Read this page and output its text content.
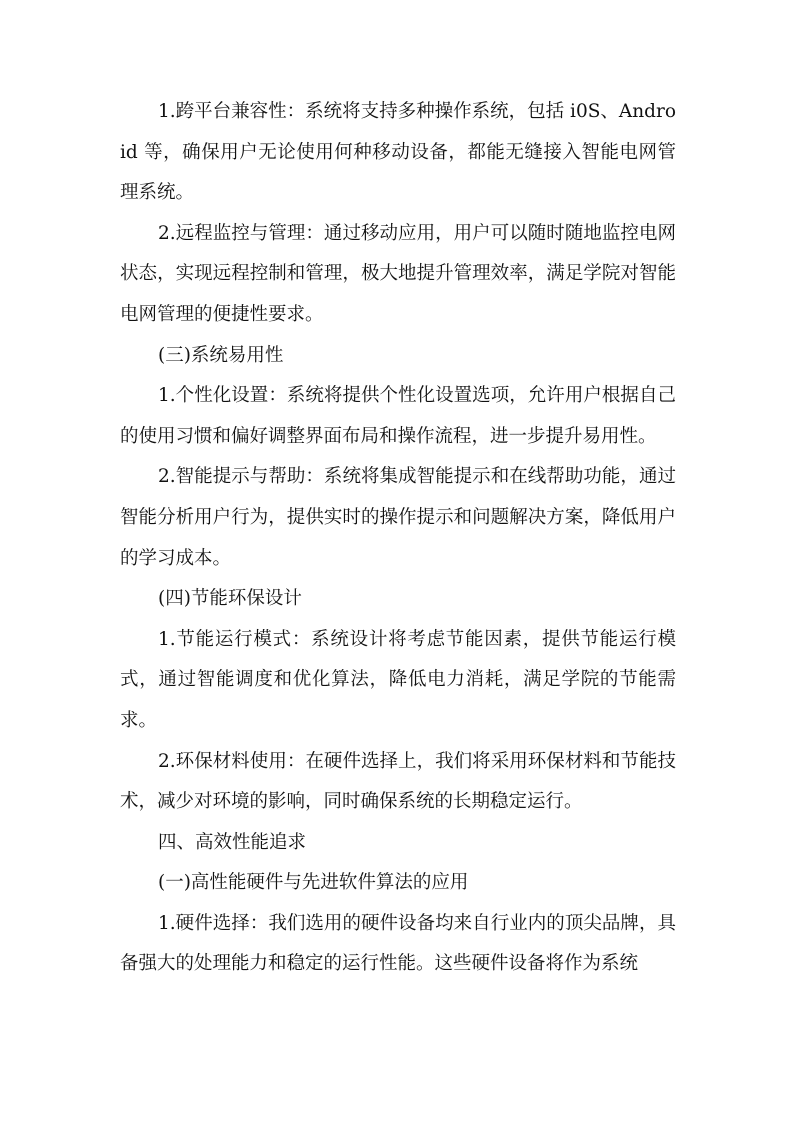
1.跨平台兼容性：系统将支持多种操作系统，包括 i0S、Android 等，确保用户无论使用何种移动设备，都能无缝接入智能电网管理系统。

2.远程监控与管理：通过移动应用，用户可以随时随地监控电网状态，实现远程控制和管理，极大地提升管理效率，满足学院对智能电网管理的便捷性要求。

(三)系统易用性

1.个性化设置：系统将提供个性化设置选项，允许用户根据自己的使用习惯和偏好调整界面布局和操作流程，进一步提升易用性。

2.智能提示与帮助：系统将集成智能提示和在线帮助功能，通过智能分析用户行为，提供实时的操作提示和问题解决方案，降低用户的学习成本。

(四)节能环保设计

1.节能运行模式：系统设计将考虑节能因素，提供节能运行模式，通过智能调度和优化算法，降低电力消耗，满足学院的节能需求。

2.环保材料使用：在硬件选择上，我们将采用环保材料和节能技术，减少对环境的影响，同时确保系统的长期稳定运行。

四、高效性能追求

(一)高性能硬件与先进软件算法的应用

1.硬件选择：我们选用的硬件设备均来自行业内的顶尖品牌，具备强大的处理能力和稳定的运行性能。这些硬件设备将作为系统
